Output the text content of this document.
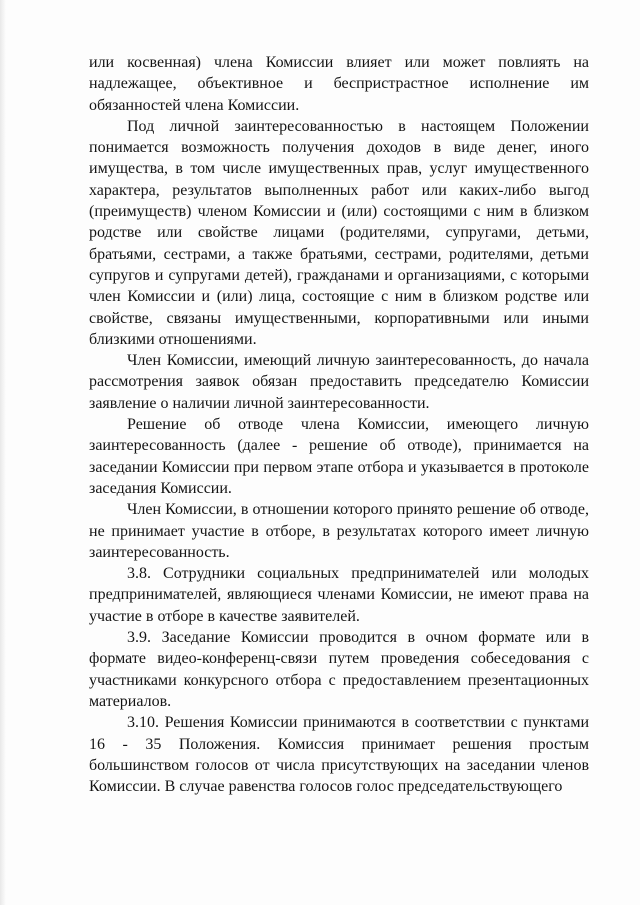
или косвенная) члена Комиссии влияет или может повлиять на надлежащее, объективное и беспристрастное исполнение им обязанностей члена Комиссии.

Под личной заинтересованностью в настоящем Положении понимается возможность получения доходов в виде денег, иного имущества, в том числе имущественных прав, услуг имущественного характера, результатов выполненных работ или каких-либо выгод (преимуществ) членом Комиссии и (или) состоящими с ним в близком родстве или свойстве лицами (родителями, супругами, детьми, братьями, сестрами, а также братьями, сестрами, родителями, детьми супругов и супругами детей), гражданами и организациями, с которыми член Комиссии и (или) лица, состоящие с ним в близком родстве или свойстве, связаны имущественными, корпоративными или иными близкими отношениями.

Член Комиссии, имеющий личную заинтересованность, до начала рассмотрения заявок обязан предоставить председателю Комиссии заявление о наличии личной заинтересованности.

Решение об отводе члена Комиссии, имеющего личную заинтересованность (далее - решение об отводе), принимается на заседании Комиссии при первом этапе отбора и указывается в протоколе заседания Комиссии.

Член Комиссии, в отношении которого принято решение об отводе, не принимает участие в отборе, в результатах которого имеет личную заинтересованность.

3.8. Сотрудники социальных предпринимателей или молодых предпринимателей, являющиеся членами Комиссии, не имеют права на участие в отборе в качестве заявителей.

3.9. Заседание Комиссии проводится в очном формате или в формате видео-конференц-связи путем проведения собеседования с участниками конкурсного отбора с предоставлением презентационных материалов.

3.10. Решения Комиссии принимаются в соответствии с пунктами 16 - 35 Положения. Комиссия принимает решения простым большинством голосов от числа присутствующих на заседании членов Комиссии. В случае равенства голосов голос председательствующего
